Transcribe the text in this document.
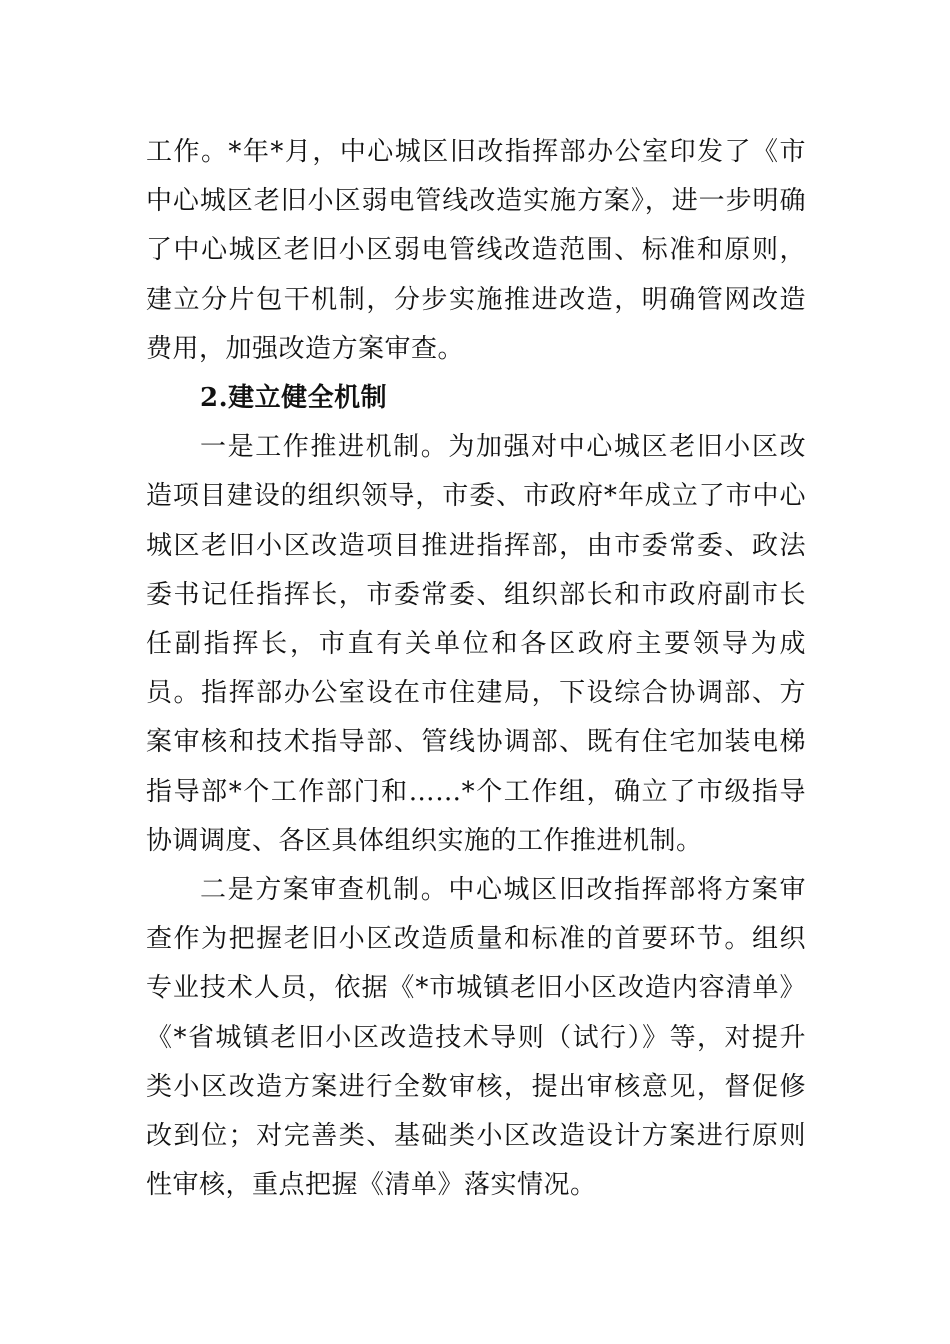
工作。*年*月，中心城区旧改指挥部办公室印发了《市中心城区老旧小区弱电管线改造实施方案》，进一步明确了中心城区老旧小区弱电管线改造范围、标准和原则，建立分片包干机制，分步实施推进改造，明确管网改造费用，加强改造方案审查。

2.建立健全机制

一是工作推进机制。为加强对中心城区老旧小区改造项目建设的组织领导，市委、市政府*年成立了市中心城区老旧小区改造项目推进指挥部，由市委常委、政法委书记任指挥长，市委常委、组织部长和市政府副市长任副指挥长，市直有关单位和各区政府主要领导为成员。指挥部办公室设在市住建局，下设综合协调部、方案审核和技术指导部、管线协调部、既有住宅加装电梯指导部*个工作部门和……*个工作组，确立了市级指导协调调度、各区具体组织实施的工作推进机制。

二是方案审查机制。中心城区旧改指挥部将方案审查作为把握老旧小区改造质量和标准的首要环节。组织专业技术人员，依据《*市城镇老旧小区改造内容清单》《*省城镇老旧小区改造技术导则（试行）》等，对提升类小区改造方案进行全数审核，提出审核意见，督促修改到位；对完善类、基础类小区改造设计方案进行原则性审核，重点把握《清单》落实情况。
